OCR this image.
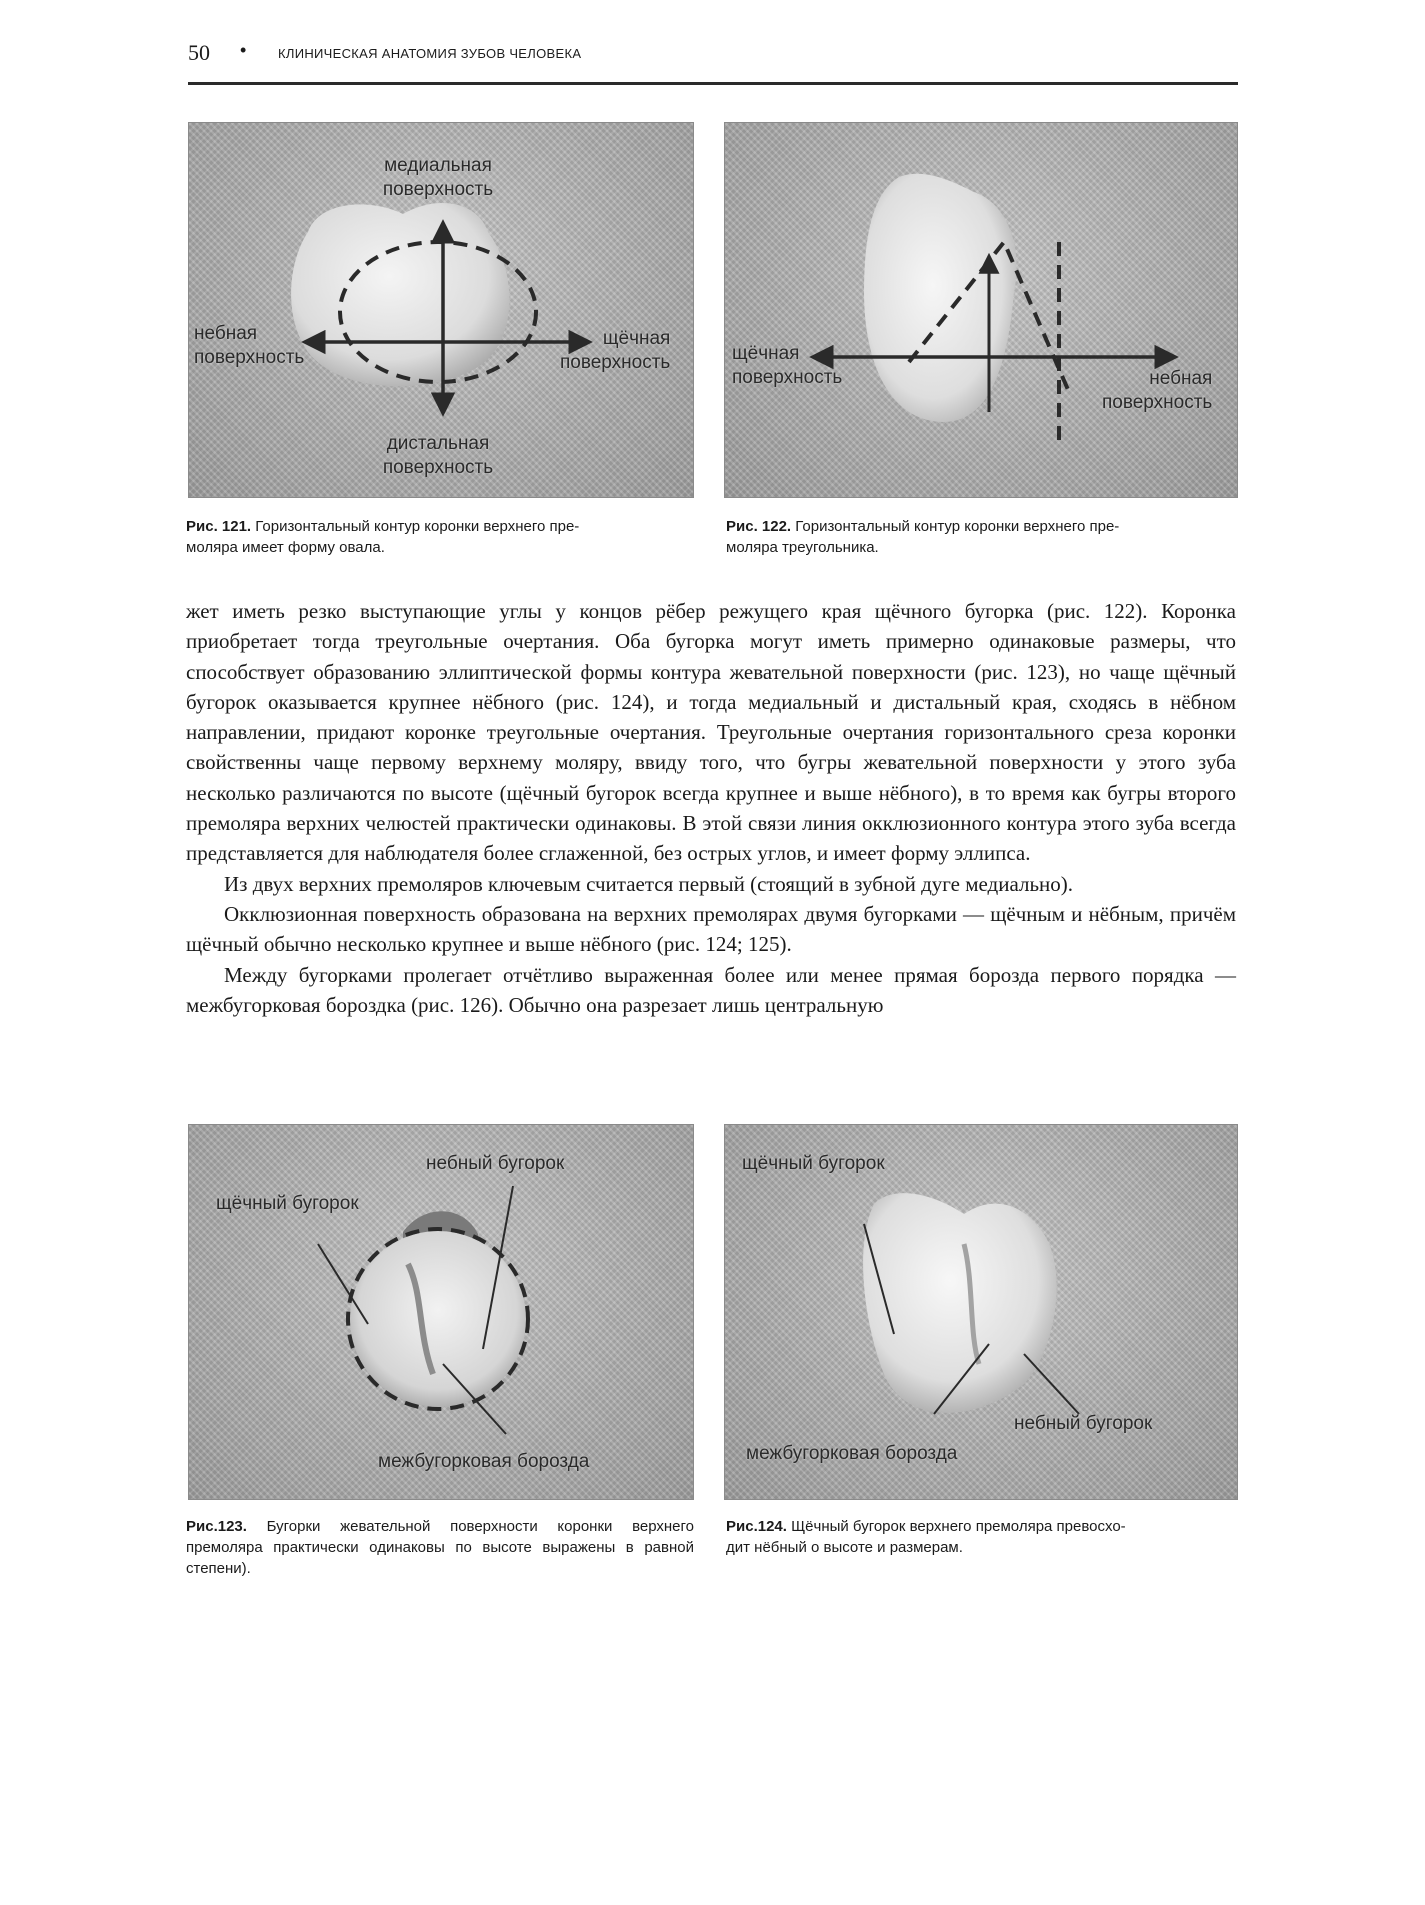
50 • КЛИНИЧЕСКАЯ АНАТОМИЯ ЗУБОВ ЧЕЛОВЕКА
медиальная
поверхность
небная
поверхность
щёчная
поверхность
дистальная
поверхность
Рис. 121. Горизонтальный контур коронки верхнего пре-
моляра имеет форму овала.
щёчная
поверхность	небная
поверхность
Рис. 122. Горизонтальный контур коронки верхнего пре-
моляра треугольника.

жет иметь резко выступающие углы у концов рёбер режущего края щёчного бугорка (рис. 122). Коронка приобретает тогда треугольные очертания. Оба бугорка могут иметь примерно одинаковые размеры, что способствует образованию эллиптической формы контура жевательной поверхности (рис. 123), но чаще щёчный бугорок оказывается крупнее нёбного (рис. 124), и тогда медиальный и дистальный края, сходясь в нёбном направлении, придают коронке треугольные очертания. Треугольные очертания горизонтального среза коронки свойственны чаще первому верхнему моляру, ввиду того, что бугры жевательной поверхности у этого зуба несколько различаются по высоте (щёчный бугорок всегда крупнее и выше нёбного), в то время как бугры второго премоляра верхних челюстей практически одинаковы. В этой связи линия окклюзионного контура этого зуба всегда представляется для наблюдателя более сглаженной, без острых углов, и имеет форму эллипса.

Из двух верхних премоляров ключевым считается первый (стоящий в зубной дуге медиально).

Окклюзионная поверхность образована на верхних премолярах двумя бугорками — щёчным и нёбным, причём щёчный обычно несколько крупнее и выше нёбного (рис. 124; 125).

Между бугорками пролегает отчётливо выраженная более или менее прямая борозда первого порядка — межбугорковая бороздка (рис. 126). Обычно она разрезает лишь центральную

небный бугорок
щёчный бугорок
межбугорковая борозда
Рис.123. Бугорки жевательной поверхности коронки верхнего премоляра практически одинаковы по высоте выражены в равной степени).
щёчный бугорок
небный бугорок
межбугорковая борозда
Рис.124. Щёчный бугорок верхнего премоляра превосхо-
дит нёбный о высоте и размерам.
